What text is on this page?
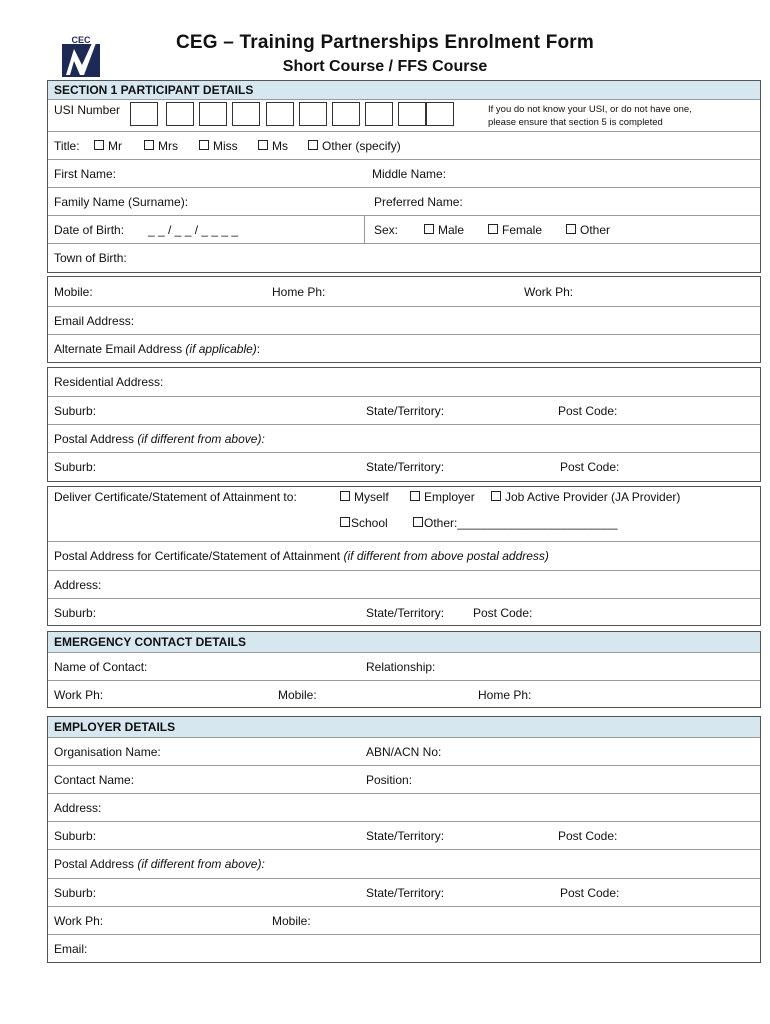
CEC	CEG – Training Partnerships Enrolment Form
Short Course / FFS Course
SECTION 1 PARTICIPANT DETAILS
USI Number	If you do not know your USI, or do not have one,
please ensure that section 5 is completed
Title:	Mr	Mrs	Miss	Ms	Other (specify)
First Name:	Middle Name:
Family Name (Surname):	Preferred Name:
Date of Birth: _ _ / _ _ / _ _ _ _	Sex:	Male	Female	Other
Town of Birth:
Mobile:	Home Ph:	Work Ph:
Email Address:
Alternate Email Address (if applicable):
Residential Address:
Suburb:	State/Territory:	Post Code:
Postal Address (if different from above):
Suburb:	State/Territory:	Post Code:
Deliver Certificate/Statement of Attainment to:	Myself	Employer	Job Active Provider (JA Provider)
School	Other:________________________
Postal Address for Certificate/Statement of Attainment (if different from above postal address)
Address:
Suburb:	State/Territory: Post Code:
EMERGENCY CONTACT DETAILS
Name of Contact:	Relationship:
Work Ph:	Mobile:	Home Ph:
EMPLOYER DETAILS
Organisation Name:	ABN/ACN No:
Contact Name:	Position:
Address:
Suburb:	State/Territory:	Post Code:
Postal Address (if different from above):
Suburb:	State/Territory:	Post Code:
Work Ph:	Mobile:
Email:
